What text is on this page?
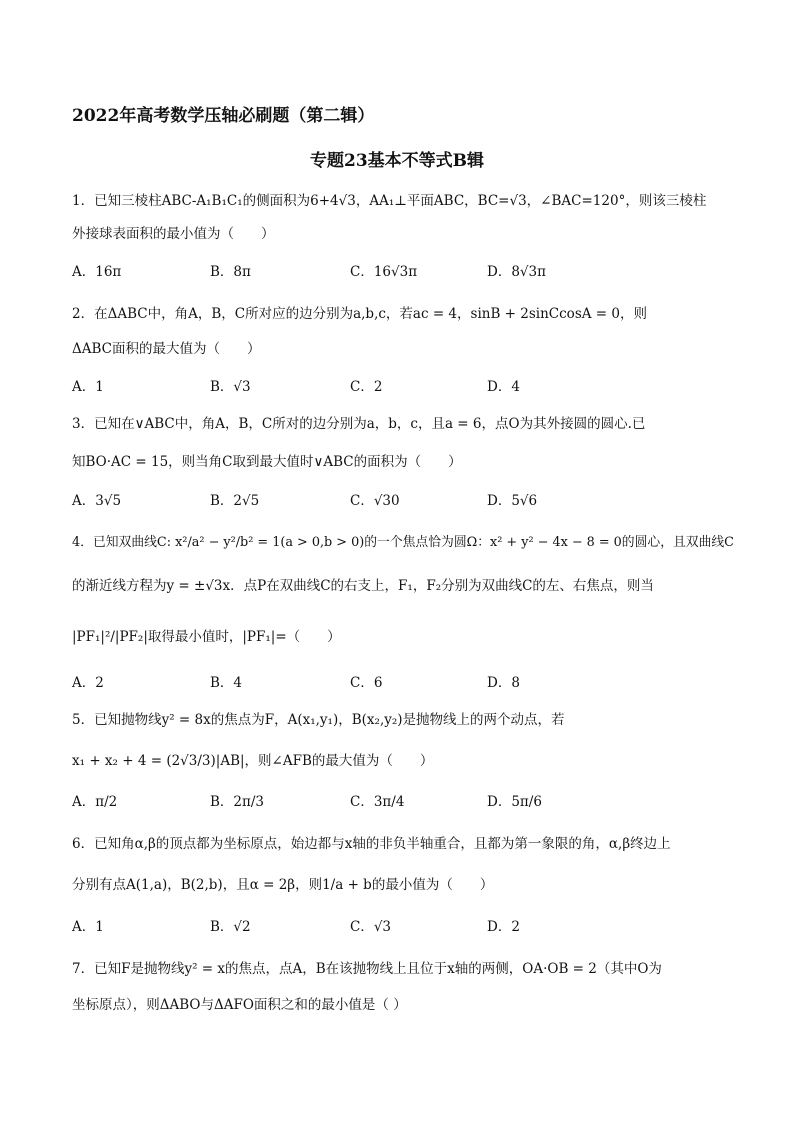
2022年高考数学压轴必刷题（第二辑）
专题23基本不等式B辑
1．已知三棱柱ABC-A₁B₁C₁的侧面积为6+4√3，AA₁⊥平面ABC，BC=√3，∠BAC=120°，则该三棱柱
外接球表面积的最小值为（　　）
A．16π	B．8π	C．16√3π	D．8√3π
2．在ΔABC中，角A，B，C所对应的边分别为a,b,c，若ac = 4，sinB + 2sinCcosA = 0，则
ΔABC面积的最大值为（　　）
A．1	B．√3	C．2	D．4
3．已知在∨ABC中，角A，B，C所对的边分别为a，b，c，且a = 6，点O为其外接圆的圆心.已
知BO·AC = 15，则当角C取到最大值时∨ABC的面积为（　　）
A．3√5	B．2√5	C．√30	D．5√6
4．已知双曲线C: x²/a² − y²/b² = 1(a > 0,b > 0)的一个焦点恰为圆Ω：x² + y² − 4x − 8 = 0的圆心，且双曲线C
的渐近线方程为y = ±√3x．点P在双曲线C的右支上，F₁，F₂分别为双曲线C的左、右焦点，则当
|PF₁|²/|PF₂|取得最小值时，|PF₁|=（　　）
A．2	B．4	C．6	D．8
5．已知抛物线y² = 8x的焦点为F，A(x₁,y₁)，B(x₂,y₂)是抛物线上的两个动点，若
x₁ + x₂ + 4 = (2√3/3)|AB|，则∠AFB的最大值为（　　）
A．π/2	B．2π/3	C．3π/4	D．5π/6
6．已知角α,β的顶点都为坐标原点，始边都与x轴的非负半轴重合，且都为第一象限的角，α,β终边上
分别有点A(1,a)，B(2,b)，且α = 2β，则1/a + b的最小值为（　　）
A．1	B．√2	C．√3	D．2
7．已知F是抛物线y² = x的焦点，点A，B在该抛物线上且位于x轴的两侧，OA·OB = 2（其中O为
坐标原点），则ΔABO与ΔAFO面积之和的最小值是（ ）
